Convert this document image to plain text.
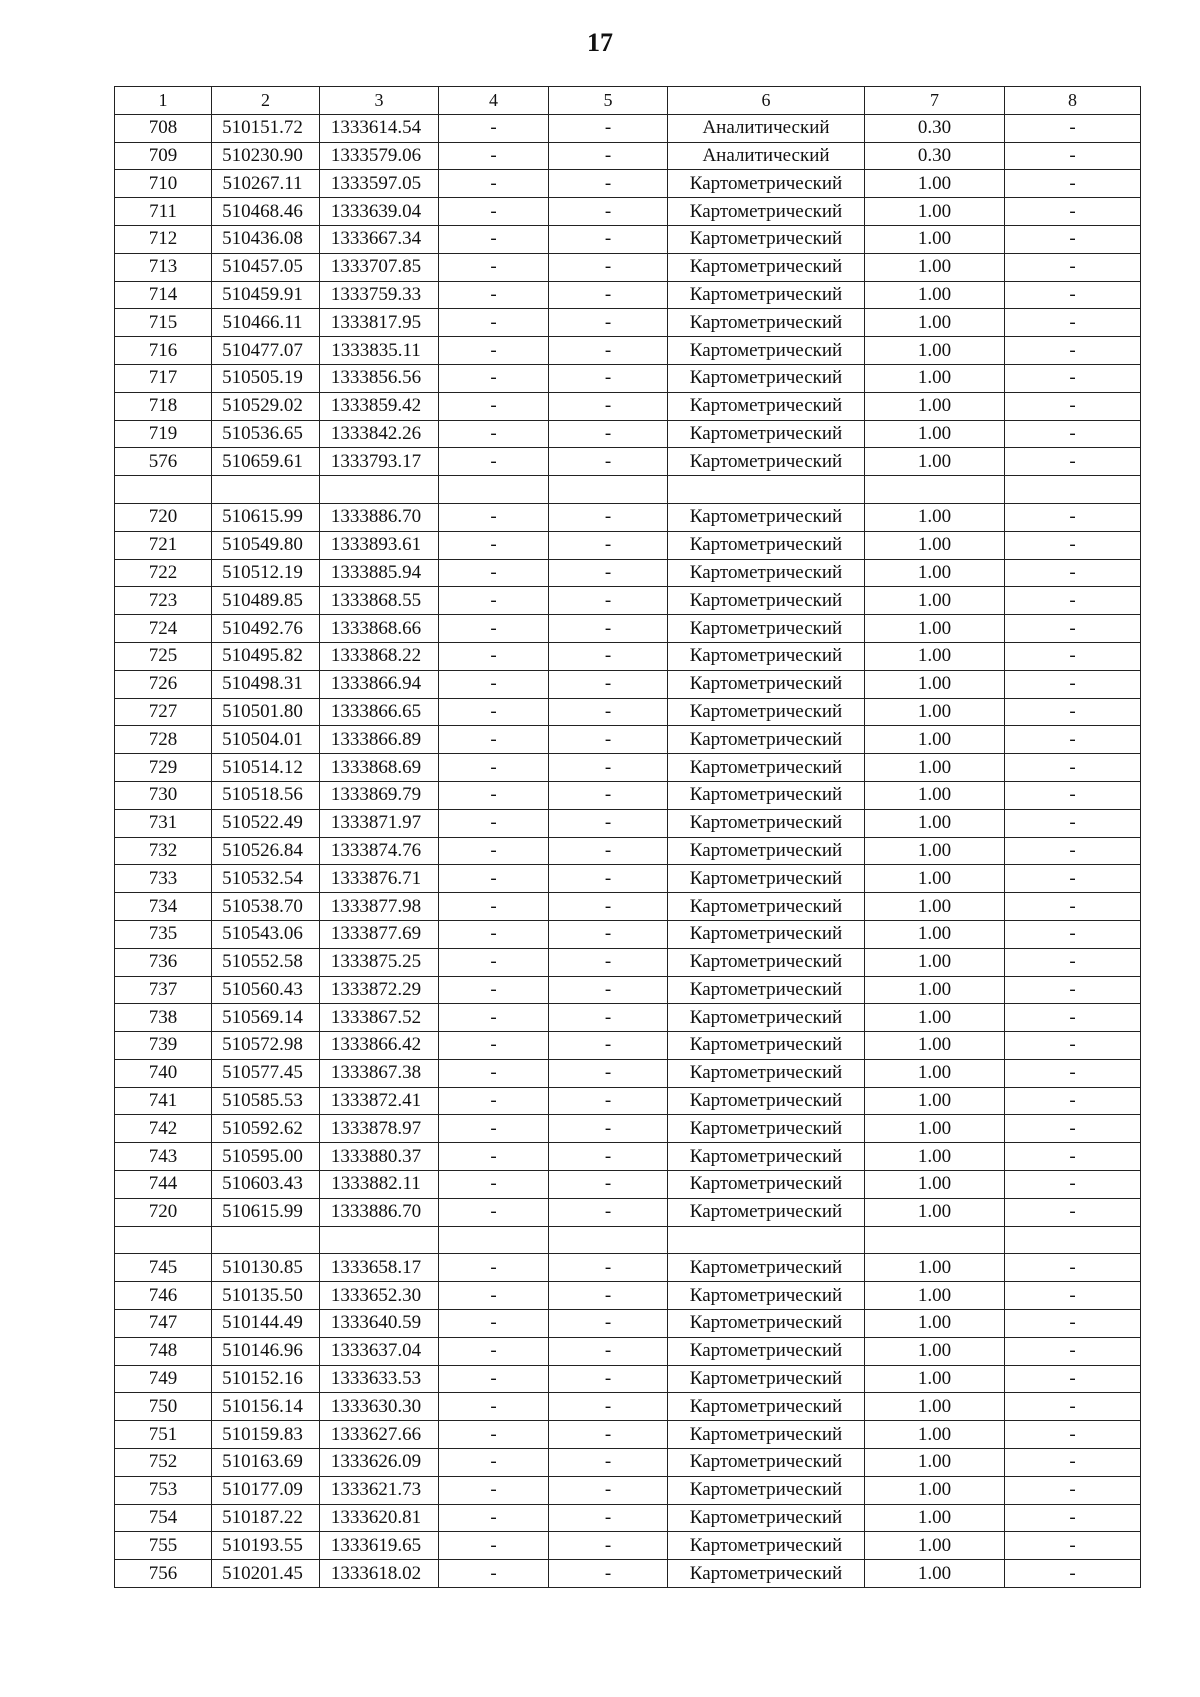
17
1	2	3	4	5	6	7	8
708	510151.72	1333614.54	-	-	Аналитический	0.30	-
709	510230.90	1333579.06	-	-	Аналитический	0.30	-
710	510267.11	1333597.05	-	-	Картометрический	1.00	-
711	510468.46	1333639.04	-	-	Картометрический	1.00	-
712	510436.08	1333667.34	-	-	Картометрический	1.00	-
713	510457.05	1333707.85	-	-	Картометрический	1.00	-
714	510459.91	1333759.33	-	-	Картометрический	1.00	-
715	510466.11	1333817.95	-	-	Картометрический	1.00	-
716	510477.07	1333835.11	-	-	Картометрический	1.00	-
717	510505.19	1333856.56	-	-	Картометрический	1.00	-
718	510529.02	1333859.42	-	-	Картометрический	1.00	-
719	510536.65	1333842.26	-	-	Картометрический	1.00	-
576	510659.61	1333793.17	-	-	Картометрический	1.00	-

720	510615.99	1333886.70	-	-	Картометрический	1.00	-
721	510549.80	1333893.61	-	-	Картометрический	1.00	-
722	510512.19	1333885.94	-	-	Картометрический	1.00	-
723	510489.85	1333868.55	-	-	Картометрический	1.00	-
724	510492.76	1333868.66	-	-	Картометрический	1.00	-
725	510495.82	1333868.22	-	-	Картометрический	1.00	-
726	510498.31	1333866.94	-	-	Картометрический	1.00	-
727	510501.80	1333866.65	-	-	Картометрический	1.00	-
728	510504.01	1333866.89	-	-	Картометрический	1.00	-
729	510514.12	1333868.69	-	-	Картометрический	1.00	-
730	510518.56	1333869.79	-	-	Картометрический	1.00	-
731	510522.49	1333871.97	-	-	Картометрический	1.00	-
732	510526.84	1333874.76	-	-	Картометрический	1.00	-
733	510532.54	1333876.71	-	-	Картометрический	1.00	-
734	510538.70	1333877.98	-	-	Картометрический	1.00	-
735	510543.06	1333877.69	-	-	Картометрический	1.00	-
736	510552.58	1333875.25	-	-	Картометрический	1.00	-
737	510560.43	1333872.29	-	-	Картометрический	1.00	-
738	510569.14	1333867.52	-	-	Картометрический	1.00	-
739	510572.98	1333866.42	-	-	Картометрический	1.00	-
740	510577.45	1333867.38	-	-	Картометрический	1.00	-
741	510585.53	1333872.41	-	-	Картометрический	1.00	-
742	510592.62	1333878.97	-	-	Картометрический	1.00	-
743	510595.00	1333880.37	-	-	Картометрический	1.00	-
744	510603.43	1333882.11	-	-	Картометрический	1.00	-
720	510615.99	1333886.70	-	-	Картометрический	1.00	-

745	510130.85	1333658.17	-	-	Картометрический	1.00	-
746	510135.50	1333652.30	-	-	Картометрический	1.00	-
747	510144.49	1333640.59	-	-	Картометрический	1.00	-
748	510146.96	1333637.04	-	-	Картометрический	1.00	-
749	510152.16	1333633.53	-	-	Картометрический	1.00	-
750	510156.14	1333630.30	-	-	Картометрический	1.00	-
751	510159.83	1333627.66	-	-	Картометрический	1.00	-
752	510163.69	1333626.09	-	-	Картометрический	1.00	-
753	510177.09	1333621.73	-	-	Картометрический	1.00	-
754	510187.22	1333620.81	-	-	Картометрический	1.00	-
755	510193.55	1333619.65	-	-	Картометрический	1.00	-
756	510201.45	1333618.02	-	-	Картометрический	1.00	-
